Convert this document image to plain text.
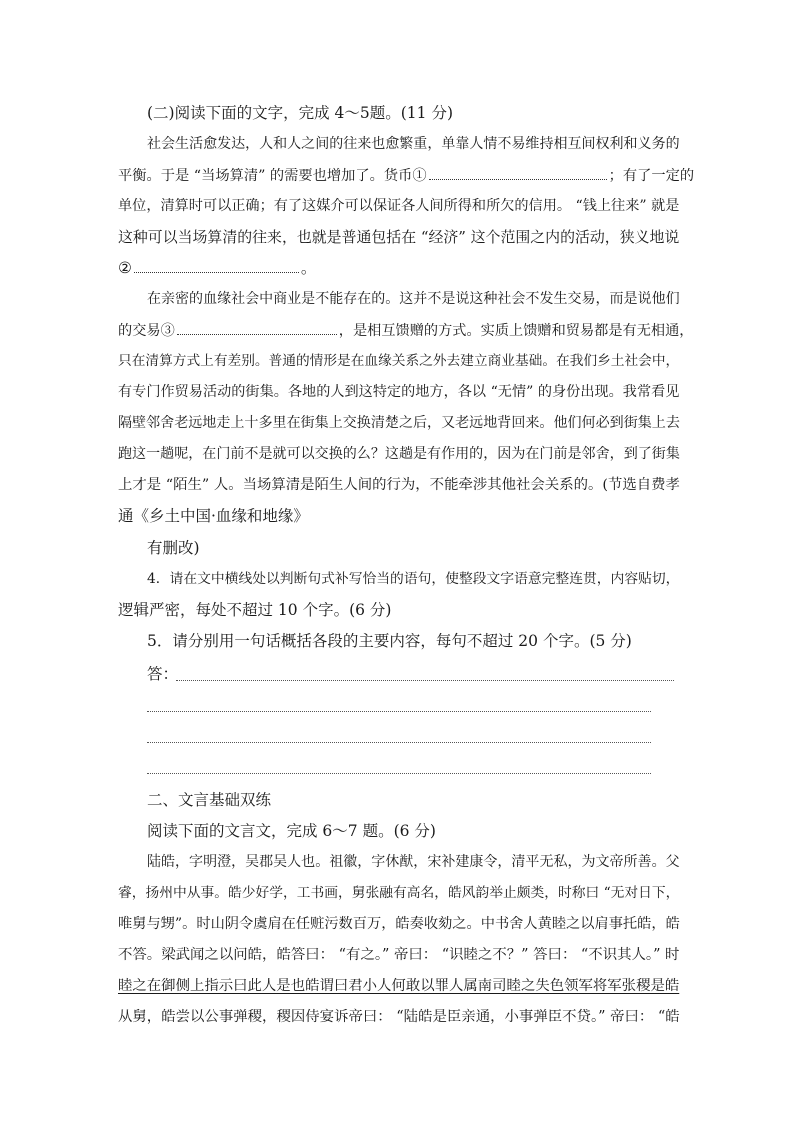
(二)阅读下面的文字，完成 4～5题。(11 分)

社会生活愈发达，人和人之间的往来也愈繁重，单靠人情不易维持相互间权利和义务的

平衡。于是 “当场算清” 的需要也增加了。货币①	；有了一定的

单位，清算时可以正确；有了这媒介可以保证各人间所得和所欠的信用。 “钱上往来” 就是

这种可以当场算清的往来，也就是普通包括在 “经济” 这个范围之内的活动，狭义地说

②	。

在亲密的血缘社会中商业是不能存在的。这并不是说这种社会不发生交易，而是说他们

的交易③	，是相互馈赠的方式。实质上馈赠和贸易都是有无相通，

只在清算方式上有差别。普通的情形是在血缘关系之外去建立商业基础。在我们乡土社会中，

有专门作贸易活动的街集。各地的人到这特定的地方，各以 “无情” 的身份出现。我常看见

隔壁邻舍老远地走上十多里在街集上交换清楚之后，又老远地背回来。他们何必到街集上去

跑这一趟呢，在门前不是就可以交换的么？这趟是有作用的，因为在门前是邻舍，到了街集

上才是 “陌生” 人。当场算清是陌生人间的行为，不能牵涉其他社会关系的。(节选自费孝

通《乡土中国·血缘和地缘》

有删改)

4．请在文中横线处以判断句式补写恰当的语句，使整段文字语意完整连贯，内容贴切，

逻辑严密，每处不超过 10 个字。(6 分)

5．请分别用一句话概括各段的主要内容，每句不超过 20 个字。(5 分)

答：

二、文言基础双练

阅读下面的文言文，完成 6～7 题。(6 分)

陆皓，字明澄，吴郡吴人也。祖徽，字休猷，宋补建康令，清平无私，为文帝所善。父

睿，扬州中从事。皓少好学，工书画，舅张融有高名，皓风韵举止颇类，时称曰 “无对日下，

唯舅与甥”。时山阴令虞肩在任赃污数百万，皓奏收劾之。中书舍人黄睦之以肩事托皓，皓

不答。梁武闻之以问皓，皓答曰： “有之。” 帝曰： “识睦之不？” 答曰： “不识其人。” 时

睦之在御侧上指示曰此人是也皓谓曰君小人何敢以罪人属南司睦之失色领军将军张稷是皓

从舅，皓尝以公事弹稷，稷因侍宴诉帝曰： “陆皓是臣亲通，小事弹臣不贷。” 帝曰： “皓
